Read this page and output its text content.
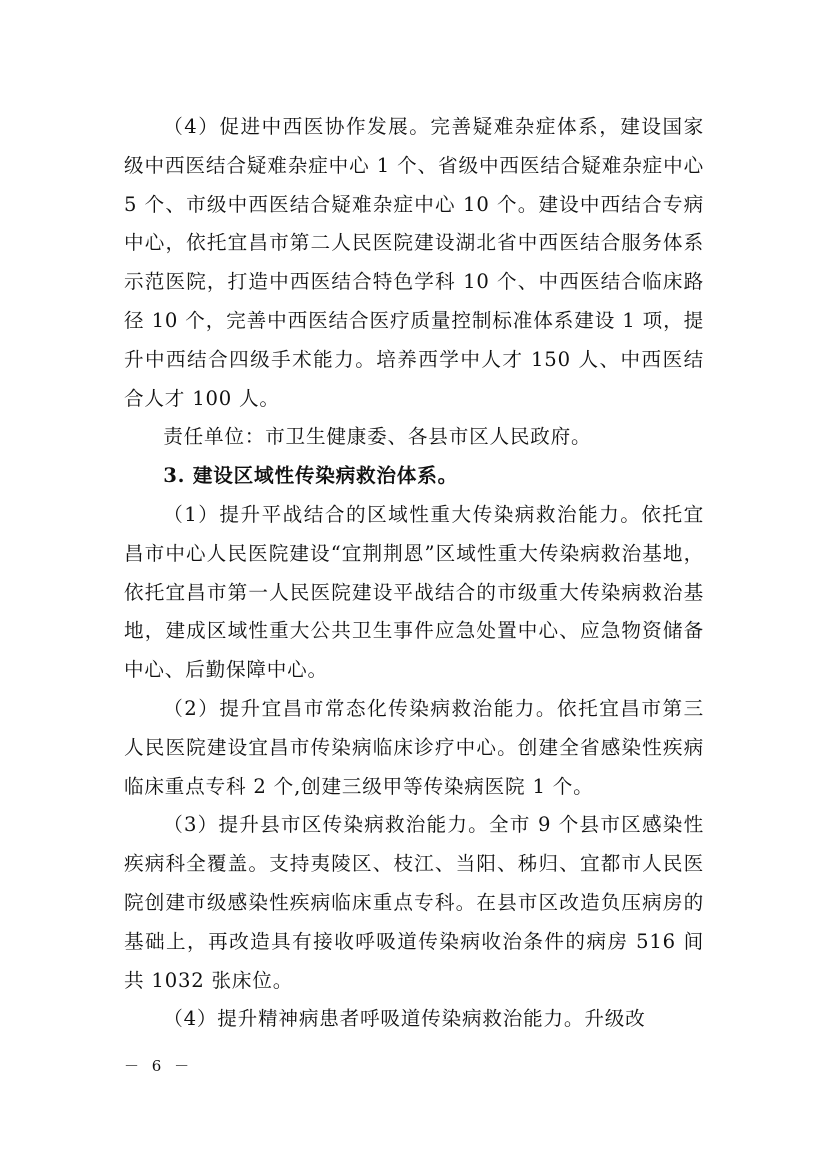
（4）促进中西医协作发展。完善疑难杂症体系，建设国家级中西医结合疑难杂症中心 1 个、省级中西医结合疑难杂症中心 5 个、市级中西医结合疑难杂症中心 10 个。建设中西结合专病中心，依托宜昌市第二人民医院建设湖北省中西医结合服务体系示范医院，打造中西医结合特色学科 10 个、中西医结合临床路径 10 个，完善中西医结合医疗质量控制标准体系建设 1 项，提升中西结合四级手术能力。培养西学中人才 150 人、中西医结合人才 100 人。

责任单位：市卫生健康委、各县市区人民政府。

3. 建设区域性传染病救治体系。

（1）提升平战结合的区域性重大传染病救治能力。依托宜昌市中心人民医院建设“宜荆荆恩”区域性重大传染病救治基地，依托宜昌市第一人民医院建设平战结合的市级重大传染病救治基地，建成区域性重大公共卫生事件应急处置中心、应急物资储备中心、后勤保障中心。

（2）提升宜昌市常态化传染病救治能力。依托宜昌市第三人民医院建设宜昌市传染病临床诊疗中心。创建全省感染性疾病临床重点专科 2 个,创建三级甲等传染病医院 1 个。

（3）提升县市区传染病救治能力。全市 9 个县市区感染性疾病科全覆盖。支持夷陵区、枝江、当阳、秭归、宜都市人民医院创建市级感染性疾病临床重点专科。在县市区改造负压病房的基础上，再改造具有接收呼吸道传染病收治条件的病房 516 间共 1032 张床位。

（4）提升精神病患者呼吸道传染病救治能力。升级改

－ 6 －
